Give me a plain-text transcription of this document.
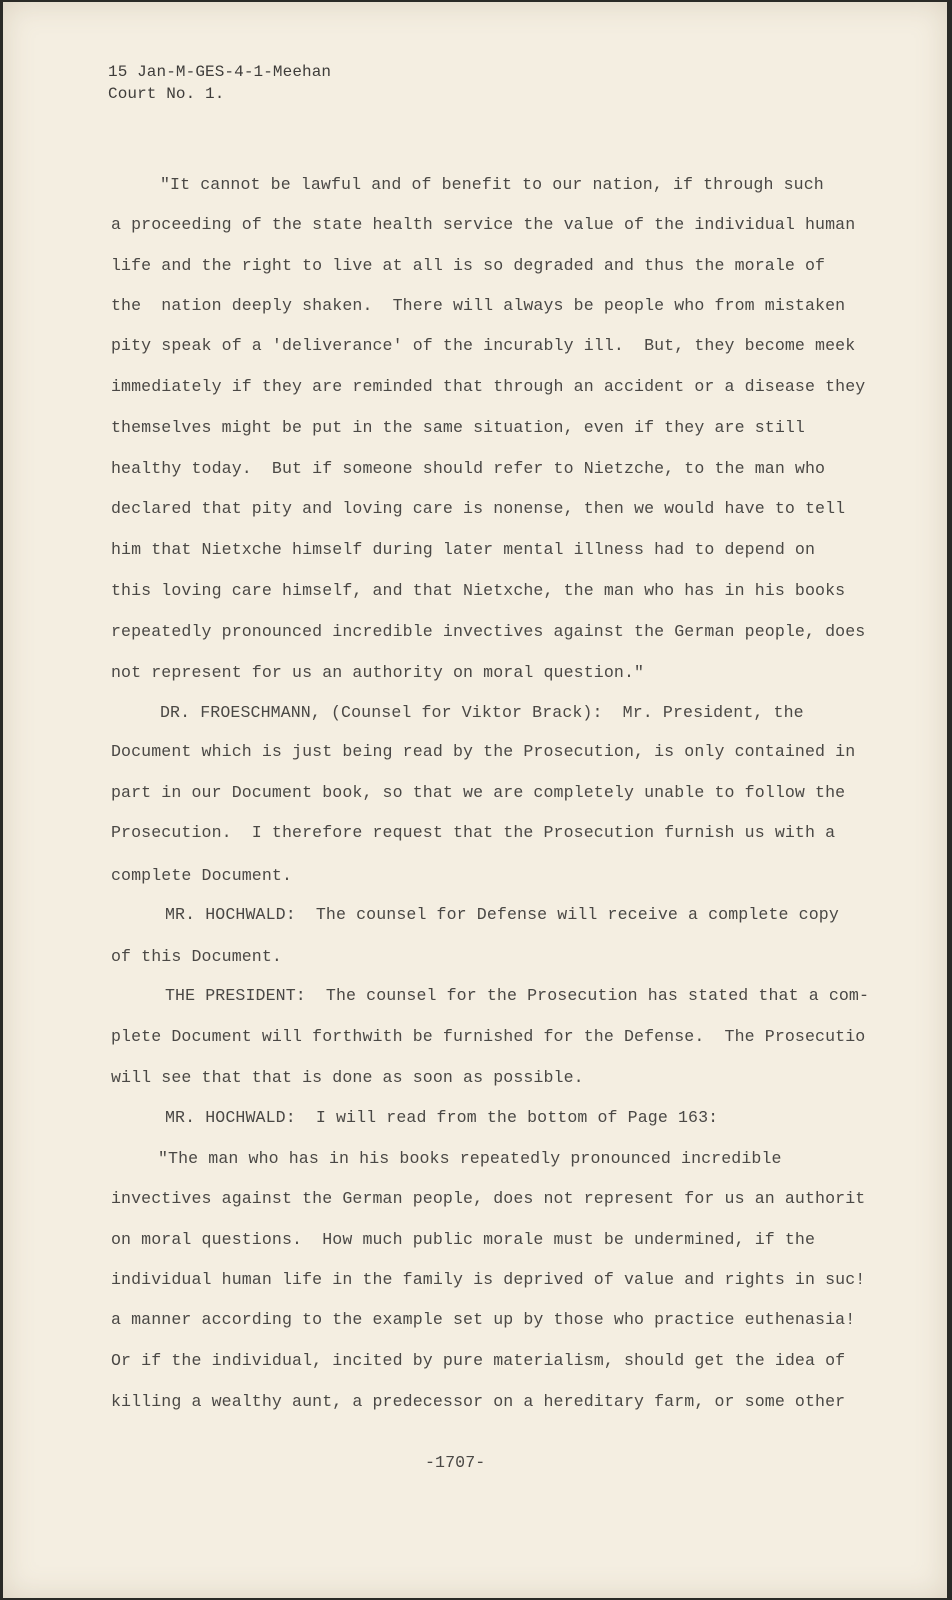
15 Jan-M-GES-4-1-Meehan
Court No. 1.
"It cannot be lawful and of benefit to our nation, if through such
a proceeding of the state health service the value of the individual human
life and the right to live at all is so degraded and thus the morale of
the  nation deeply shaken.  There will always be people who from mistaken
pity speak of a 'deliverance' of the incurably ill.  But, they become meek
immediately if they are reminded that through an accident or a disease they
themselves might be put in the same situation, even if they are still
healthy today.  But if someone should refer to Nietzche, to the man who
declared that pity and loving care is nonense, then we would have to tell
him that Nietxche himself during later mental illness had to depend on
this loving care himself, and that Nietxche, the man who has in his books
repeatedly pronounced incredible invectives against the German people, does
not represent for us an authority on moral question."
DR. FROESCHMANN, (Counsel for Viktor Brack):  Mr. President, the
Document which is just being read by the Prosecution, is only contained in
part in our Document book, so that we are completely unable to follow the
Prosecution.  I therefore request that the Prosecution furnish us with a
complete Document.
MR. HOCHWALD:  The counsel for Defense will receive a complete copy
of this Document.
THE PRESIDENT:  The counsel for the Prosecution has stated that a com-
plete Document will forthwith be furnished for the Defense.  The Prosecutio
will see that that is done as soon as possible.
MR. HOCHWALD:  I will read from the bottom of Page 163:
"The man who has in his books repeatedly pronounced incredible
invectives against the German people, does not represent for us an authorit
on moral questions.  How much public morale must be undermined, if the
individual human life in the family is deprived of value and rights in suc!
a manner according to the example set up by those who practice euthenasia!
Or if the individual, incited by pure materialism, should get the idea of
killing a wealthy aunt, a predecessor on a hereditary farm, or some other
-1707-
